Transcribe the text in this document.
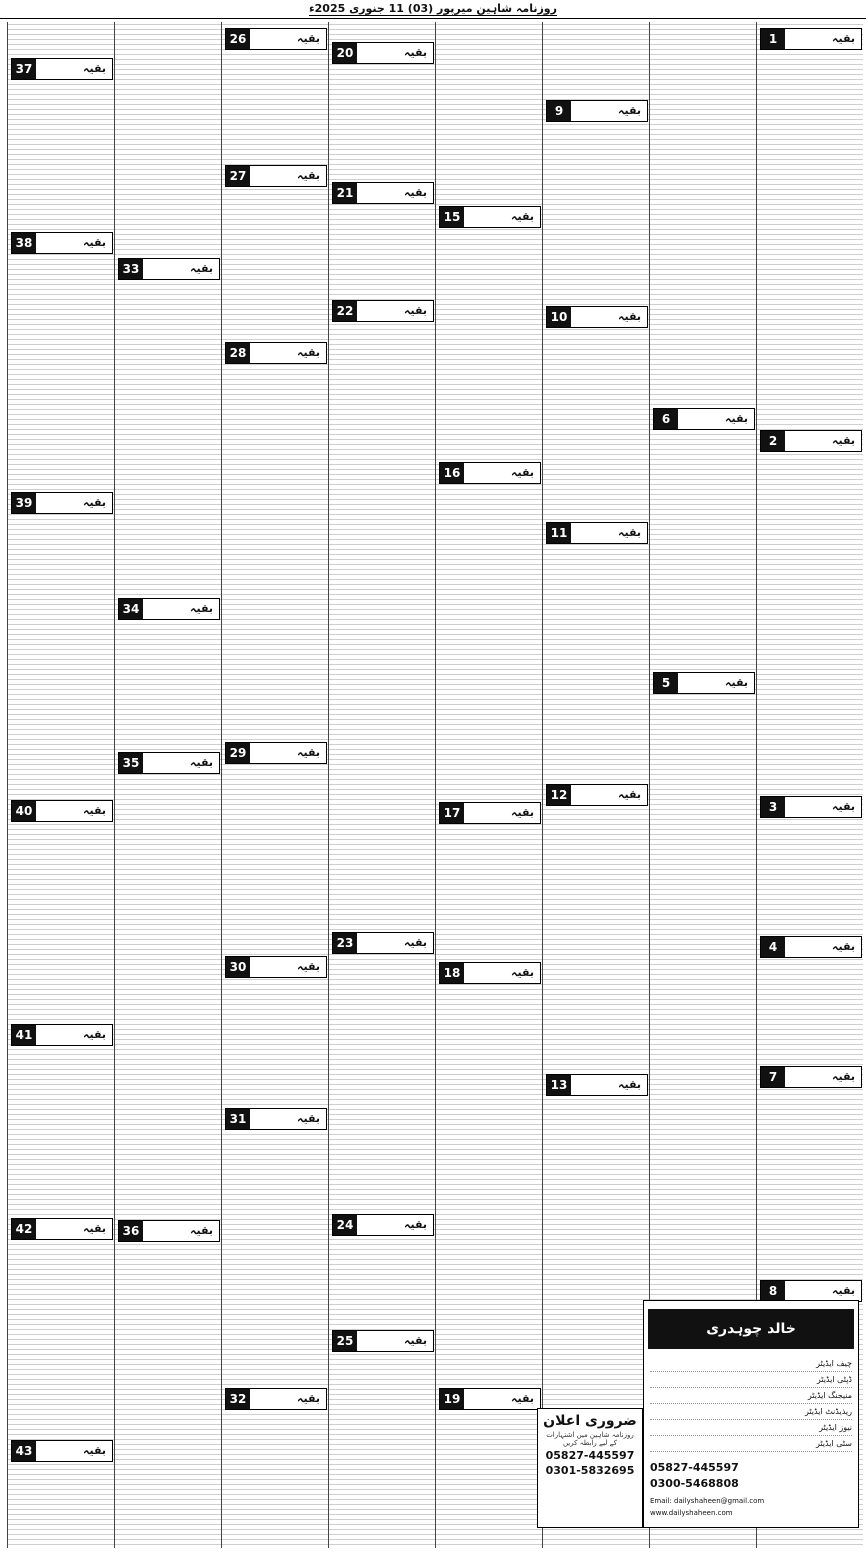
روزنامہ شاہین میرپور (03) 11 جنوری 2025ء
بقیہ
1
بقیہ
2
بقیہ
3
بقیہ
4
بقیہ
7
بقیہ
8
بقیہ
5
بقیہ
6
بقیہ
9
بقیہ
10
بقیہ
11
بقیہ
12
بقیہ
13
بقیہ
15
بقیہ
16
بقیہ
17
بقیہ
18
بقیہ
19
بقیہ
20
بقیہ
21
بقیہ
22
بقیہ
23
بقیہ
24
بقیہ
25
بقیہ
26
بقیہ
27
بقیہ
28
بقیہ
29
بقیہ
30
بقیہ
31
بقیہ
32
بقیہ
33
بقیہ
34
بقیہ
35
بقیہ
36
بقیہ
37
بقیہ
38
بقیہ
39
بقیہ
40
بقیہ
41
بقیہ
42
بقیہ
43
ضروری اعلان
روزنامہ شاہین میں اشتہارات کے لیے رابطہ کریں
05827-445597
0301-5832695
خالد چوہدری
چیف ایڈیٹر
ڈپٹی ایڈیٹر
منیجنگ ایڈیٹر
ریذیڈنٹ ایڈیٹر
نیوز ایڈیٹر
سٹی ایڈیٹر
05827-445597
0300-5468808
Email: dailyshaheen@gmail.com
www.dailyshaheen.com
